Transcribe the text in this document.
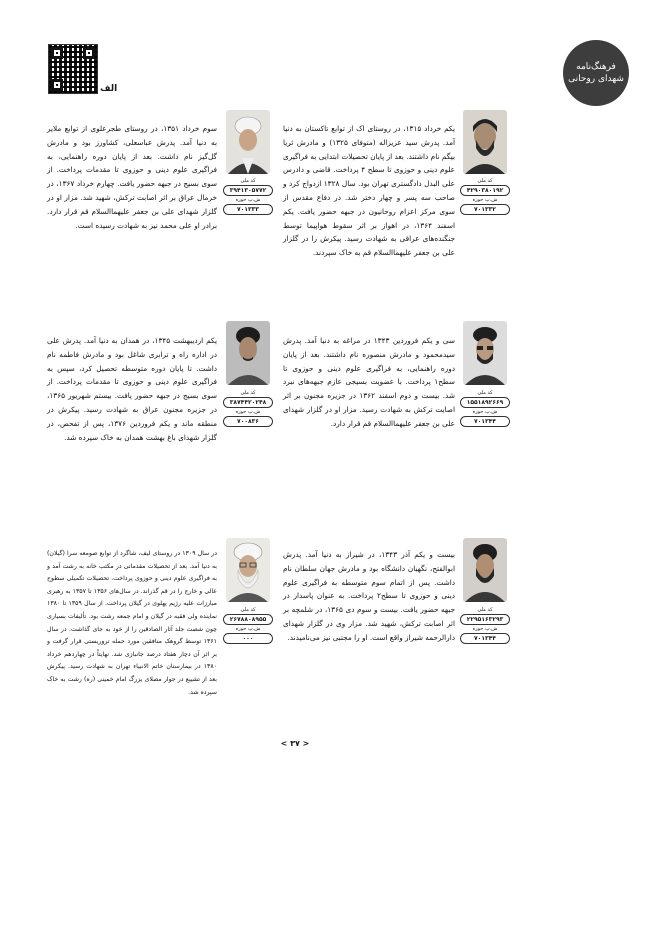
الف
فرهنگ‌نامه
شهدای روحانی
کد ملی
۴۲۹۰۳۸۰۱۹۲
ش.پ حوزه
۷۰۱۳۳۲
یکم خرداد ۱۳۱۵، در روستای اک از توابع تاکستان به دنیا آمد. پدرش سید عزیزاله (متوفای ۱۳۲۵) و مادرش ثریا بیگم نام داشتند. بعد از پایان تحصیلات ابتدایی به فراگیری علوم دینی و حوزوی تا سطح ۴ پرداخت. قاضی و دادرس علی البدل دادگستری تهران بود. سال ۱۳۲۸ ازدواج کرد و صاحب سه پسر و چهار دختر شد. در دفاع مقدس از سوی مرکز اعزام روحانیون در جبهه حضور یافت. یکم اسفند ۱۳۶۴، در اهواز بر اثر سقوط هواپیما توسط جنگنده‌های عراقی به شهادت رسید. پیکرش را در گلزار علی بن جعفر علیهماالسلام قم به خاک سپردند.
کد ملی
۳۹۴۱۳۰۵۷۷۲
ش.پ حوزه
۷۰۱۳۳۳
سوم خرداد ۱۳۵۱، در روستای طجرعلوی از توابع ملایر به دنیا آمد. پدرش عباسعلی، کشاورز بود و مادرش گل‌گیز نام داشت. بعد از پایان دوره راهنمایی، به فراگیری علوم دینی و حوزوی تا مقدمات پرداخت. از سوی بسیج در جبهه حضور یافت. چهارم خرداد ۱۳۶۷، در خرمال عراق بر اثر اصابت ترکش، شهید شد. مزار او در گلزار شهدای علی بن جعفر علیهماالسلام قم قرار دارد. برادر او علی محمد نیز به شهادت رسیده است.
کد ملی
۱۵۵۱۸۹۲۶۶۹
ش.پ حوزه
۷۰۱۳۴۴
سی و یکم فروردین ۱۳۴۳ در مراغه به دنیا آمد. پدرش سیدمحمود و مادرش منصوره نام داشتند. بعد از پایان دوره راهنمایی، به فراگیری علوم دینی و حوزوی تا سطح۱ پرداخت. با عضویت بسیجی عازم جبهه‌های نبرد شد. بیست و دوم اسفند ۱۳۶۲ در جزیره مجنون بر اثر اصابت ترکش به شهادت رسید. مزار او در گلزار شهدای علی بن جعفر علیهماالسلام قم قرار دارد.
کد ملی
۳۸۷۴۴۲۰۲۴۸
ش.پ حوزه
۷۰۰۸۳۶
یکم اردیبهشت ۱۳۴۵، در همدان به دنیا آمد. پدرش علی در اداره راه و ترابری شاغل بود و مادرش فاطمه نام داشت. تا پایان دوره متوسطه تحصیل کرد، سپس به فراگیری علوم دینی و حوزوی تا مقدمات پرداخت. از سوی بسیج در جبهه حضور یافت. بیستم شهریور ۱۳۶۵، در جزیره مجنون عراق به شهادت رسید. پیکرش در منطقه ماند و یکم فروردین ۱۳۷۶، پس از تفحص، در گلزار شهدای باغ بهشت همدان به خاک سپرده شد.
کد ملی
۲۲۹۵۱۶۳۲۹۳
ش.پ حوزه
۷۰۱۳۴۴
بیست و یکم آذر ۱۳۴۳، در شیراز به دنیا آمد. پدرش ابوالفتح، نگهبان دانشگاه بود و مادرش جهان سلطان نام داشت. پس از اتمام سوم متوسطه به فراگیری علوم دینی و حوزوی تا سطح۲ پرداخت. به عنوان پاسدار در جبهه حضور یافت. بیست و سوم دی ۱۳۶۵، در شلمچه بر اثر اصابت ترکش، شهید شد. مزار وی در گلزار شهدای دارالرحمه شیراز واقع است. او را مجتبی نیز می‌نامیدند.
کد ملی
۲۶۷۸۸۰۸۹۵۵
ش.پ حوزه
۰۰۰
در سال ۱۳۰۹ در روستای لیف، شاگرد از توابع صومعه سرا (گیلان) به دنیا آمد. بعد از تحصیلات مقدماتی در مکتب خانه به رشت آمد و به فراگیری علوم دینی و حوزوی پرداخت. تحصیلات تکمیلی سطوح عالی و خارج را در قم گذراند. در سال‌های ۱۳۵۶ تا ۱۳۵۷ به رهبری مبارزات علیه رژیم پهلوی در گیلان پرداخت. از سال ۱۳۵۹ تا ۱۳۸۰ نماینده ولی فقیه در گیلان و امام جمعه رشت بود. تألیفات بسیاری چون شصت جلد آثار الصادقین را از خود به جای گذاشت. در سال ۱۳۶۱ توسط گروهک منافقین مورد حمله تروریستی قرار گرفت و بر اثر آن دچار هفتاد درصد جانبازی شد. نهایتاً در چهاردهم خرداد ۱۳۸۰ در بیمارستان خاتم الانبیاء تهران به شهادت رسید. پیکرش بعد از تشییع در جوار مصلای بزرگ امام خمینی (ره) رشت به خاک سپرده شد.
< ۳۷ >
